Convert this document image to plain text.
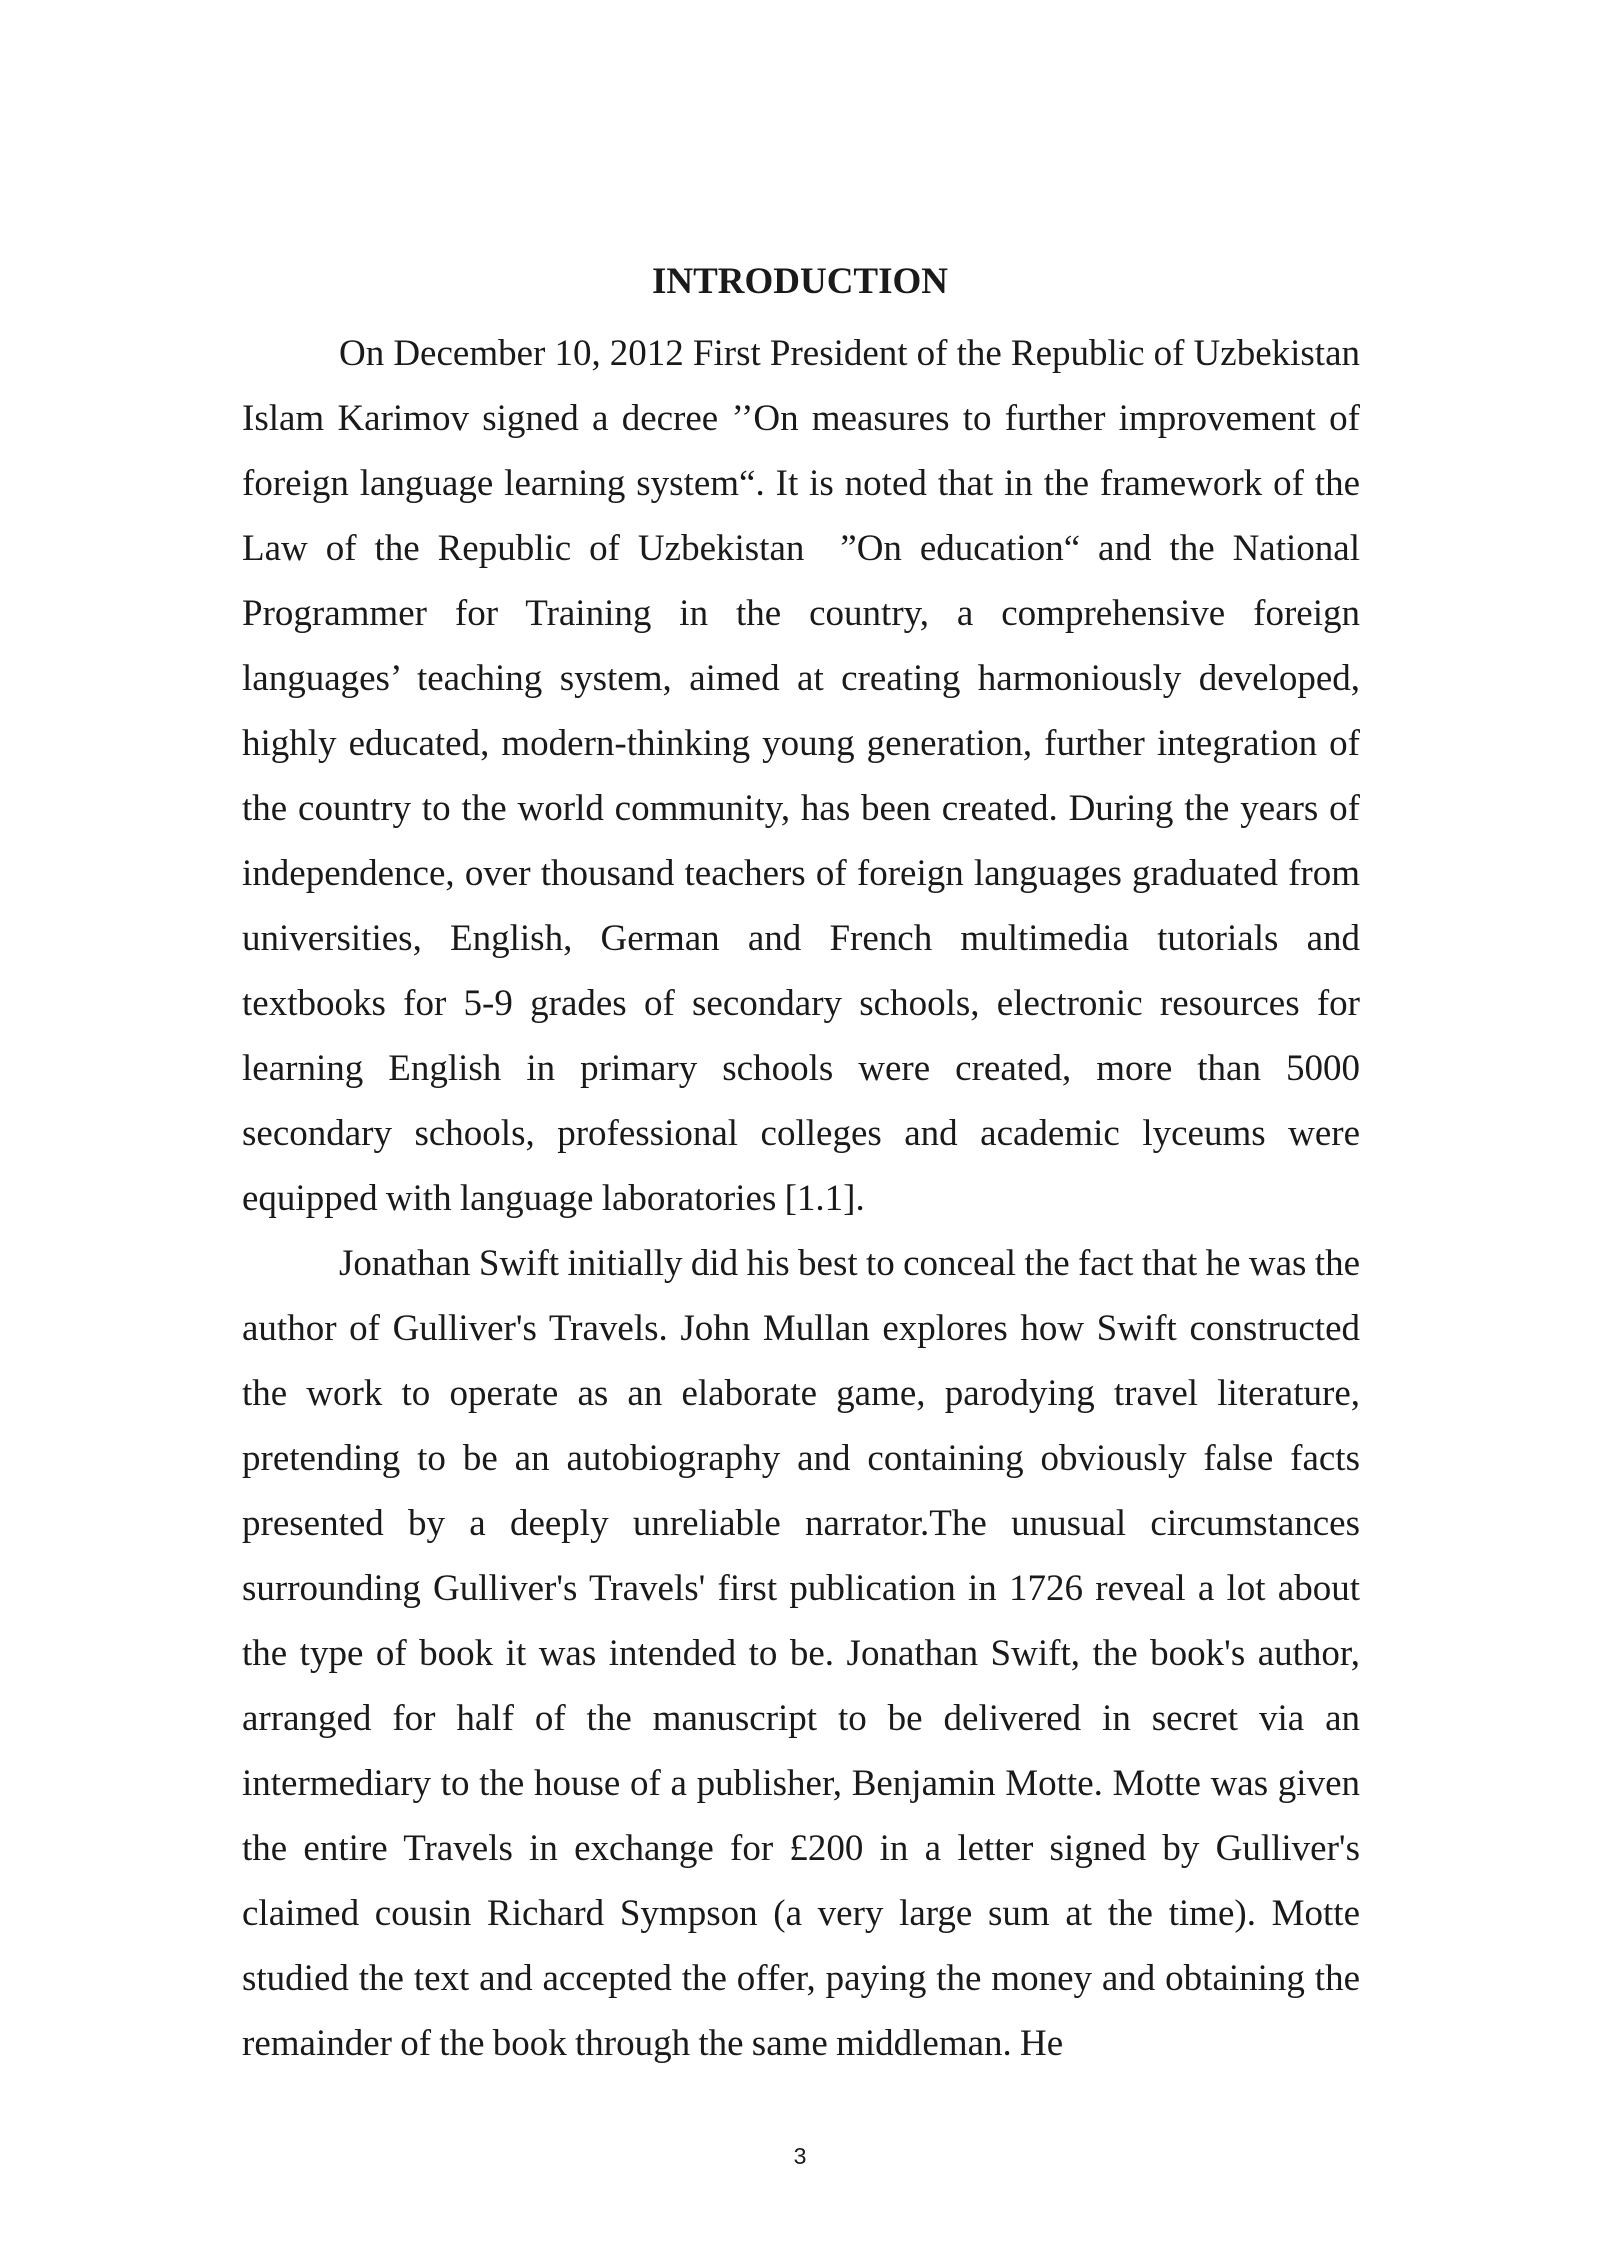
INTRODUCTION

On December 10, 2012 First President of the Republic of Uzbekistan Islam Karimov signed a decree ’’On measures to further improvement of foreign language learning system“. It is noted that in the framework of the Law of the Republic of Uzbekistan  ”On education“ and the National Programmer for Training in the country, a comprehensive foreign languages’ teaching system, aimed at creating harmoniously developed, highly educated, modern-thinking young generation, further integration of the country to the world community, has been created. During the years of independence, over thousand teachers of foreign languages graduated from universities, English, German and French multimedia tutorials and textbooks for 5-9 grades of secondary schools, electronic resources for learning English in primary schools were created, more than 5000 secondary schools, professional colleges and academic lyceums were equipped with language laboratories [1.1].

Jonathan Swift initially did his best to conceal the fact that he was the author of Gulliver's Travels. John Mullan explores how Swift constructed the work to operate as an elaborate game, parodying travel literature, pretending to be an autobiography and containing obviously false facts presented by a deeply unreliable narrator.The unusual circumstances surrounding Gulliver's Travels' first publication in 1726 reveal a lot about the type of book it was intended to be. Jonathan Swift, the book's author, arranged for half of the manuscript to be delivered in secret via an intermediary to the house of a publisher, Benjamin Motte. Motte was given the entire Travels in exchange for £200 in a letter signed by Gulliver's claimed cousin Richard Sympson (a very large sum at the time). Motte studied the text and accepted the offer, paying the money and obtaining the remainder of the book through the same middleman. He

3
